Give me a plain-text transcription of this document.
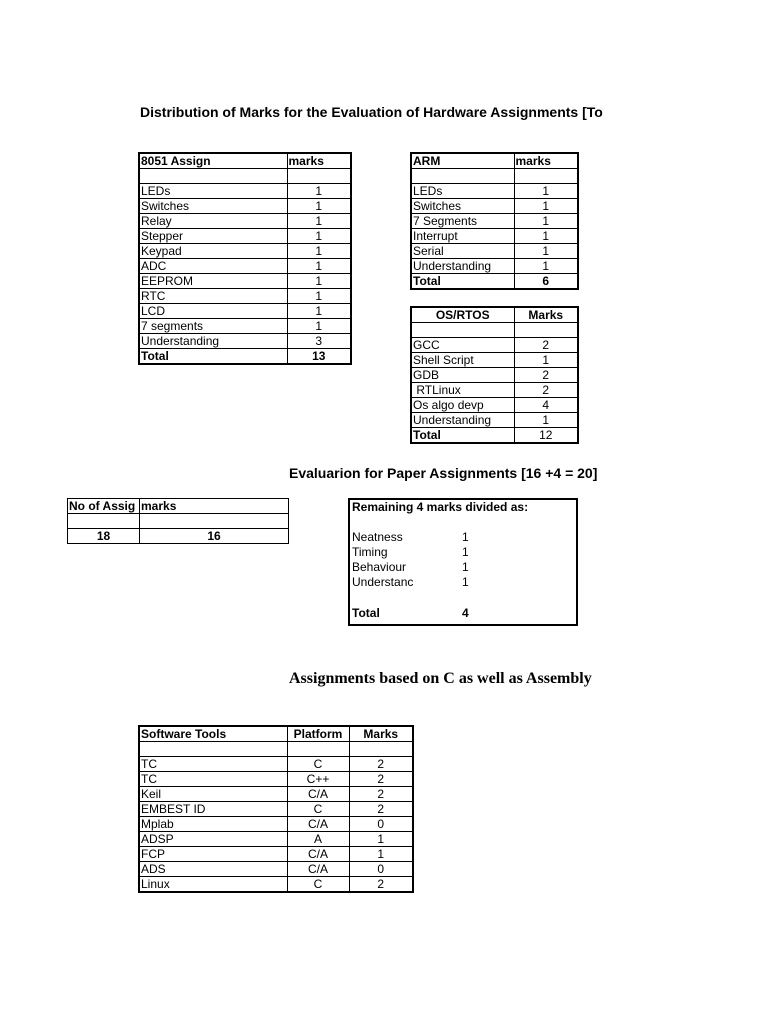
Distribution of Marks for the Evaluation of Hardware Assignments [To
8051 Assign	marks

LEDs	1
Switches	1
Relay	1
Stepper	1
Keypad	1
ADC	1
EEPROM	1
RTC	1
LCD	1
7 segments	1
Understanding	3
Total	13
ARM	marks

LEDs	1
Switches	1
7 Segments	1
Interrupt	1
Serial	1
Understanding	1
Total	6
OS/RTOS	Marks

GCC	2
Shell Script	1
GDB	2
RTLinux	2
Os algo devp	4
Understanding	1
Total	12
Evaluarion for Paper Assignments [16 +4 = 20]
No of Assig	marks

18	16
Remaining 4 marks divided as:
Neatness	1
Timing	1
Behaviour	1
Understanc	1
Total	4
Assignments based on C as well as Assembly
Software Tools	Platform	Marks

TC	C	2
TC	C++	2
Keil	C/A	2
EMBEST ID	C	2
Mplab	C/A	0
ADSP	A	1
FCP	C/A	1
ADS	C/A	0
Linux	C	2
